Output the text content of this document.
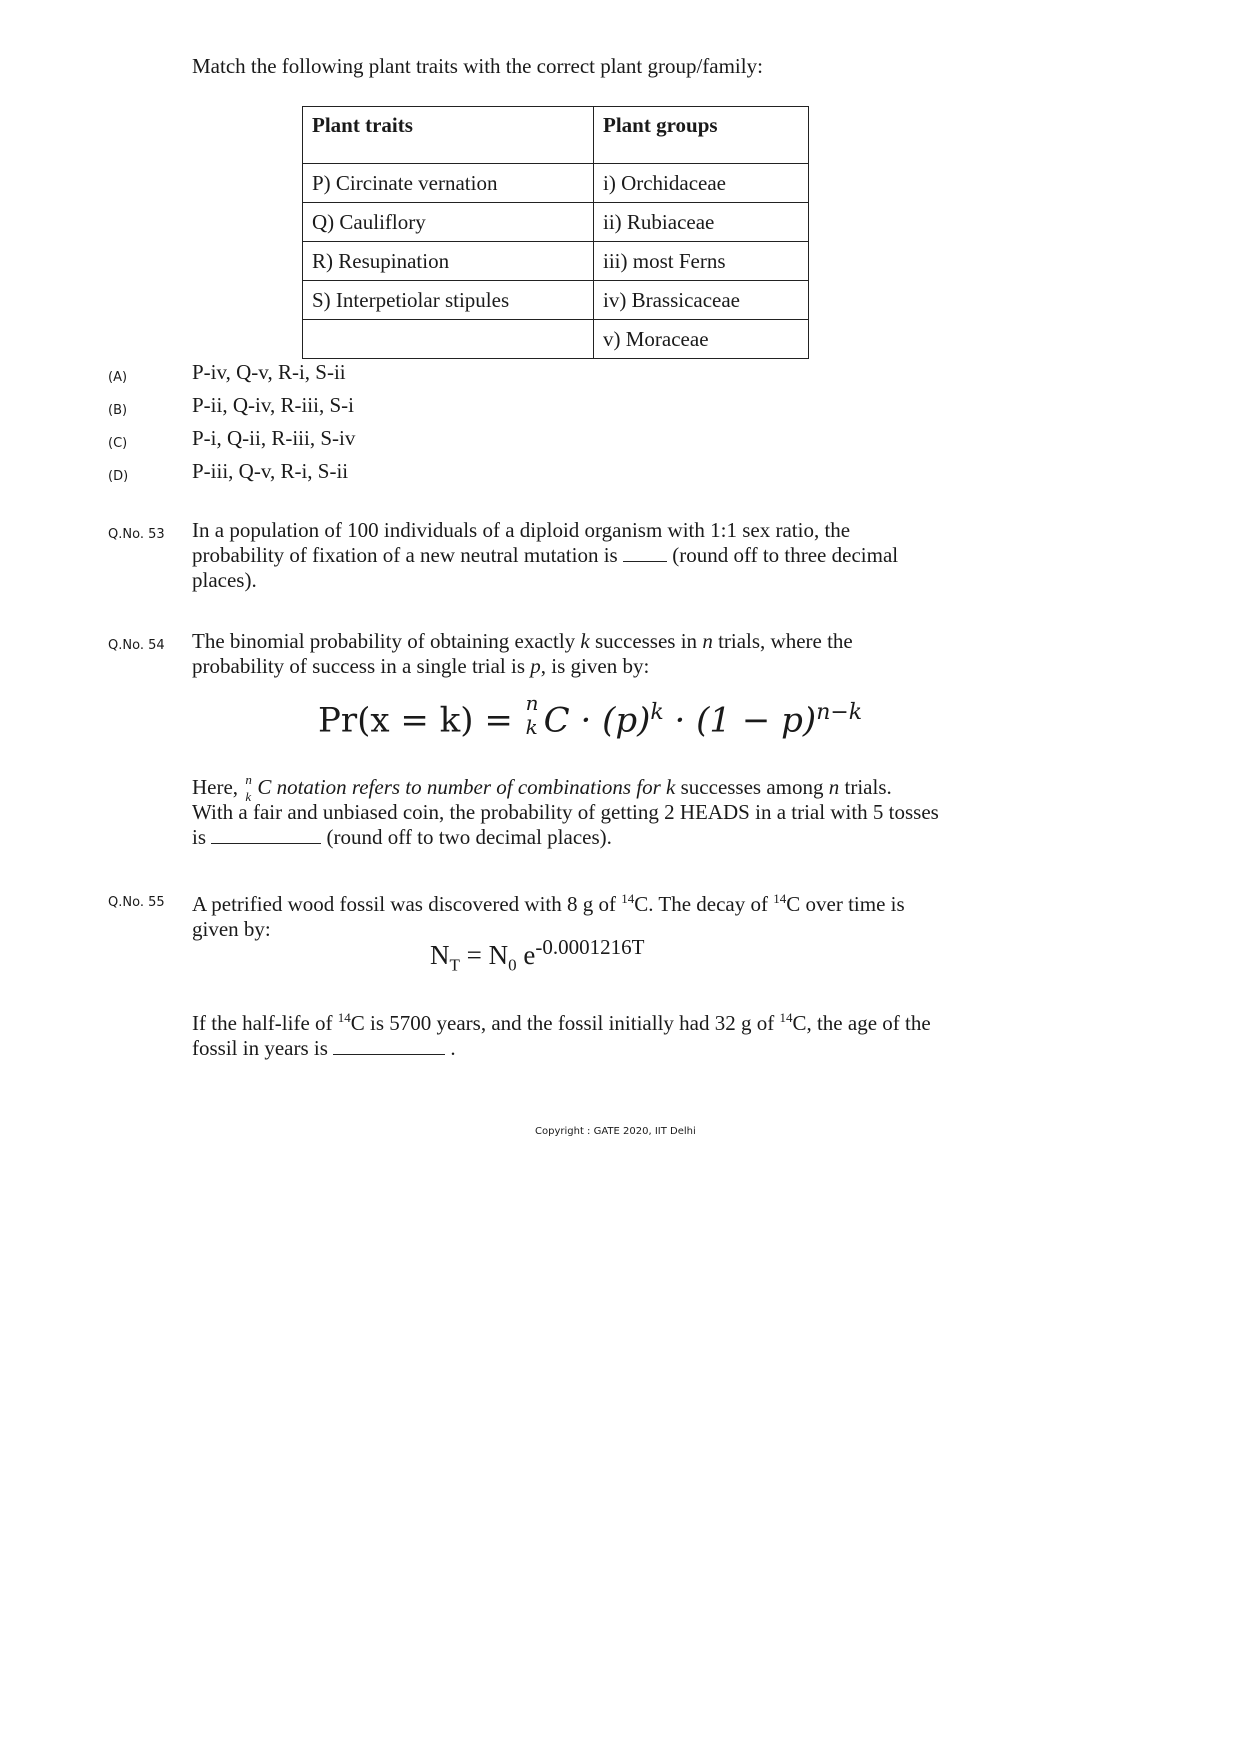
Match the following plant traits with the correct plant group/family:
Plant traits	Plant groups
P) Circinate vernation	i) Orchidaceae
Q) Cauliflory	ii) Rubiaceae
R) Resupination	iii) most Ferns
S) Interpetiolar stipules	iv) Brassicaceae
	v) Moraceae
(A)	P-iv, Q-v, R-i, S-ii
(B)	P-ii, Q-iv, R-iii, S-i
(C)	P-i, Q-ii, R-iii, S-iv
(D)	P-iii, Q-v, R-i, S-ii
Q.No. 53 In a population of 100 individuals of a diploid organism with 1:1 sex ratio, the probability of fixation of a new neutral mutation is	(round off to three decimal places).
Q.No. 54 The binomial probability of obtaining exactly k successes in n trials, where the probability of success in a single trial is p, is given by:
Pr(x = k) = n
k $C \cdot (p)^k \cdot (1 - p)^{n-k}$
Here, n
k C notation refers to number of combinations for k successes among n trials.
With a fair and unbiased coin, the probability of getting 2 HEADS in a trial with 5 tosses is	(round off to two decimal places).
Q.No. 55 A petrified wood fossil was discovered with 8 g of $^{14}$C. The decay of $^{14}$C over time is given by:
$N_T = N_0$ $e^{-0.0001216T}$
If the half-life of $^{14}$C is 5700 years, and the fossil initially had 32 g of $^{14}$C, the age of the fossil in years is	.
Copyright : GATE 2020, IIT Delhi
